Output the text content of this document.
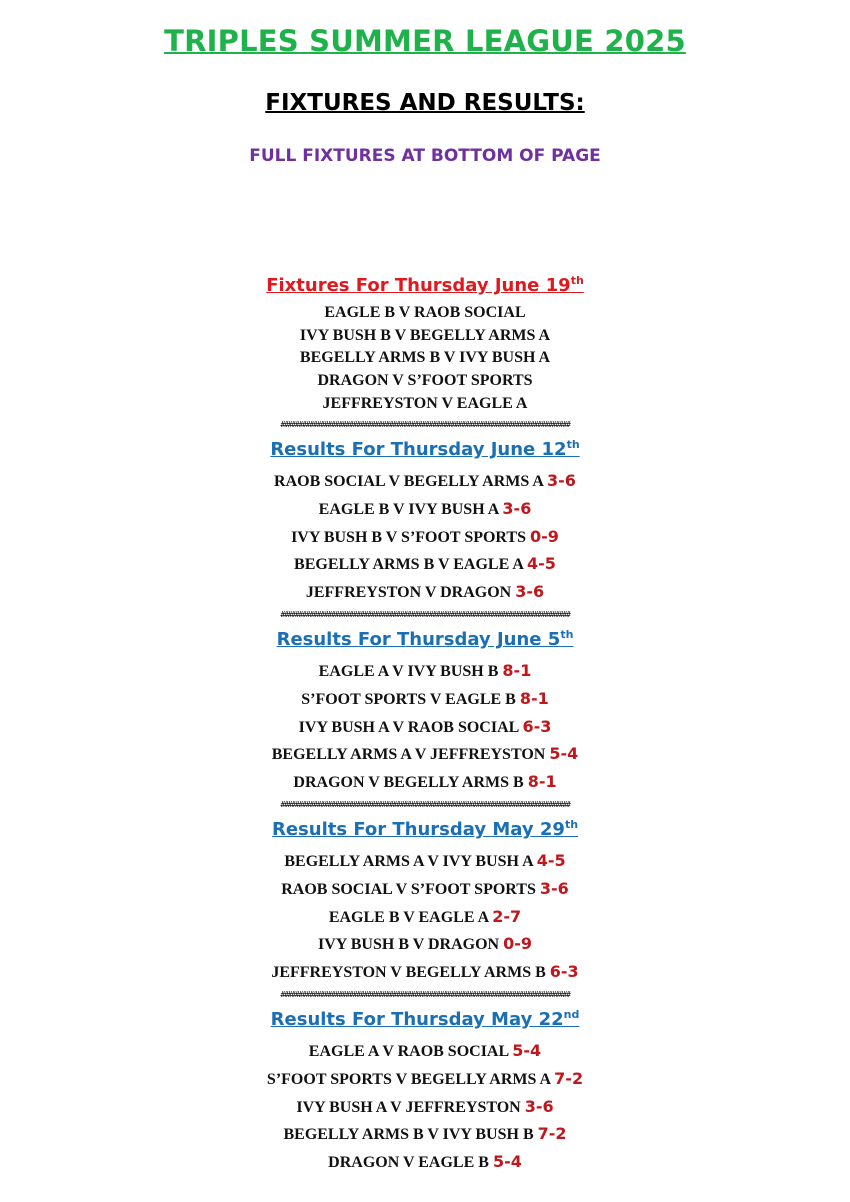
TRIPLES SUMMER LEAGUE 2025
FIXTURES AND RESULTS:
FULL FIXTURES AT BOTTOM OF PAGE
Fixtures For Thursday June 19th
EAGLE B V RAOB SOCIAL
IVY BUSH B V BEGELLY ARMS A
BEGELLY ARMS B V IVY BUSH A
DRAGON V S’FOOT SPORTS
JEFFREYSTON V EAGLE A
################################################################################
Results For Thursday June 12th
RAOB SOCIAL V BEGELLY ARMS A 3-6
EAGLE B V IVY BUSH A 3-6
IVY BUSH B V S’FOOT SPORTS 0-9
BEGELLY ARMS B V EAGLE A 4-5
JEFFREYSTON V DRAGON 3-6
################################################################################
Results For Thursday June 5th
EAGLE A V IVY BUSH B 8-1
S’FOOT SPORTS V EAGLE B 8-1
IVY BUSH A V RAOB SOCIAL 6-3
BEGELLY ARMS A V JEFFREYSTON 5-4
DRAGON V BEGELLY ARMS B 8-1
################################################################################
Results For Thursday May 29th
BEGELLY ARMS A V IVY BUSH A 4-5
RAOB SOCIAL V S’FOOT SPORTS 3-6
EAGLE B V EAGLE A 2-7
IVY BUSH B V DRAGON 0-9
JEFFREYSTON V BEGELLY ARMS B 6-3
################################################################################
Results For Thursday May 22nd
EAGLE A V RAOB SOCIAL 5-4
S’FOOT SPORTS V BEGELLY ARMS A 7-2
IVY BUSH A V JEFFREYSTON 3-6
BEGELLY ARMS B V IVY BUSH B 7-2
DRAGON V EAGLE B 5-4
